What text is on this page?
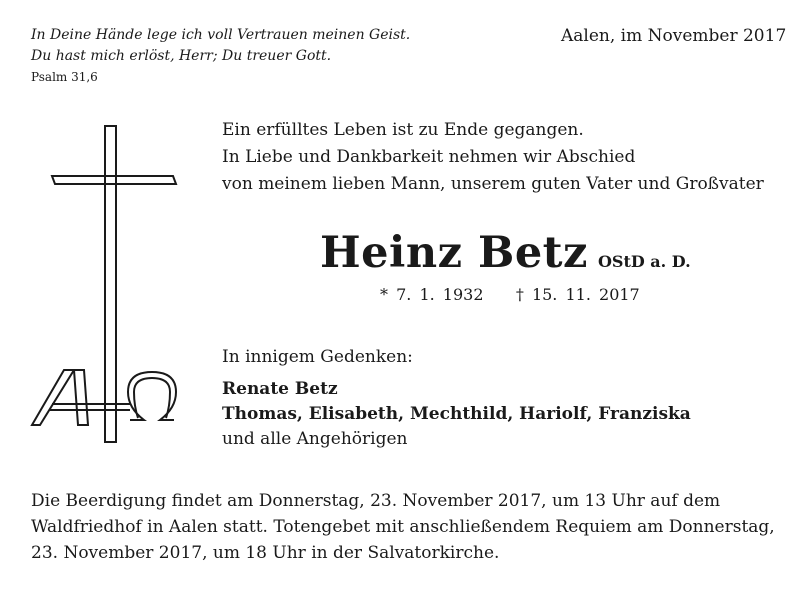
In Deine Hände lege ich voll Vertrauen meinen Geist.
Du hast mich erlöst, Herr; Du treuer Gott.
Psalm 31,6
Aalen, im November 2017
Ein erfülltes Leben ist zu Ende gegangen.
In Liebe und Dankbarkeit nehmen wir Abschied
von meinem lieben Mann, unserem guten Vater und Großvater
Heinz Betz OStD a. D.
* 7. 1. 1932 † 15. 11. 2017
In innigem Gedenken:
Renate Betz
Thomas, Elisabeth, Mechthild, Hariolf, Franziska
und alle Angehörigen
Die Beerdigung findet am Donnerstag, 23. November 2017, um 13 Uhr auf dem
Waldfriedhof in Aalen statt. Totengebet mit anschließendem Requiem am Donnerstag,
23. November 2017, um 18 Uhr in der Salvatorkirche.
